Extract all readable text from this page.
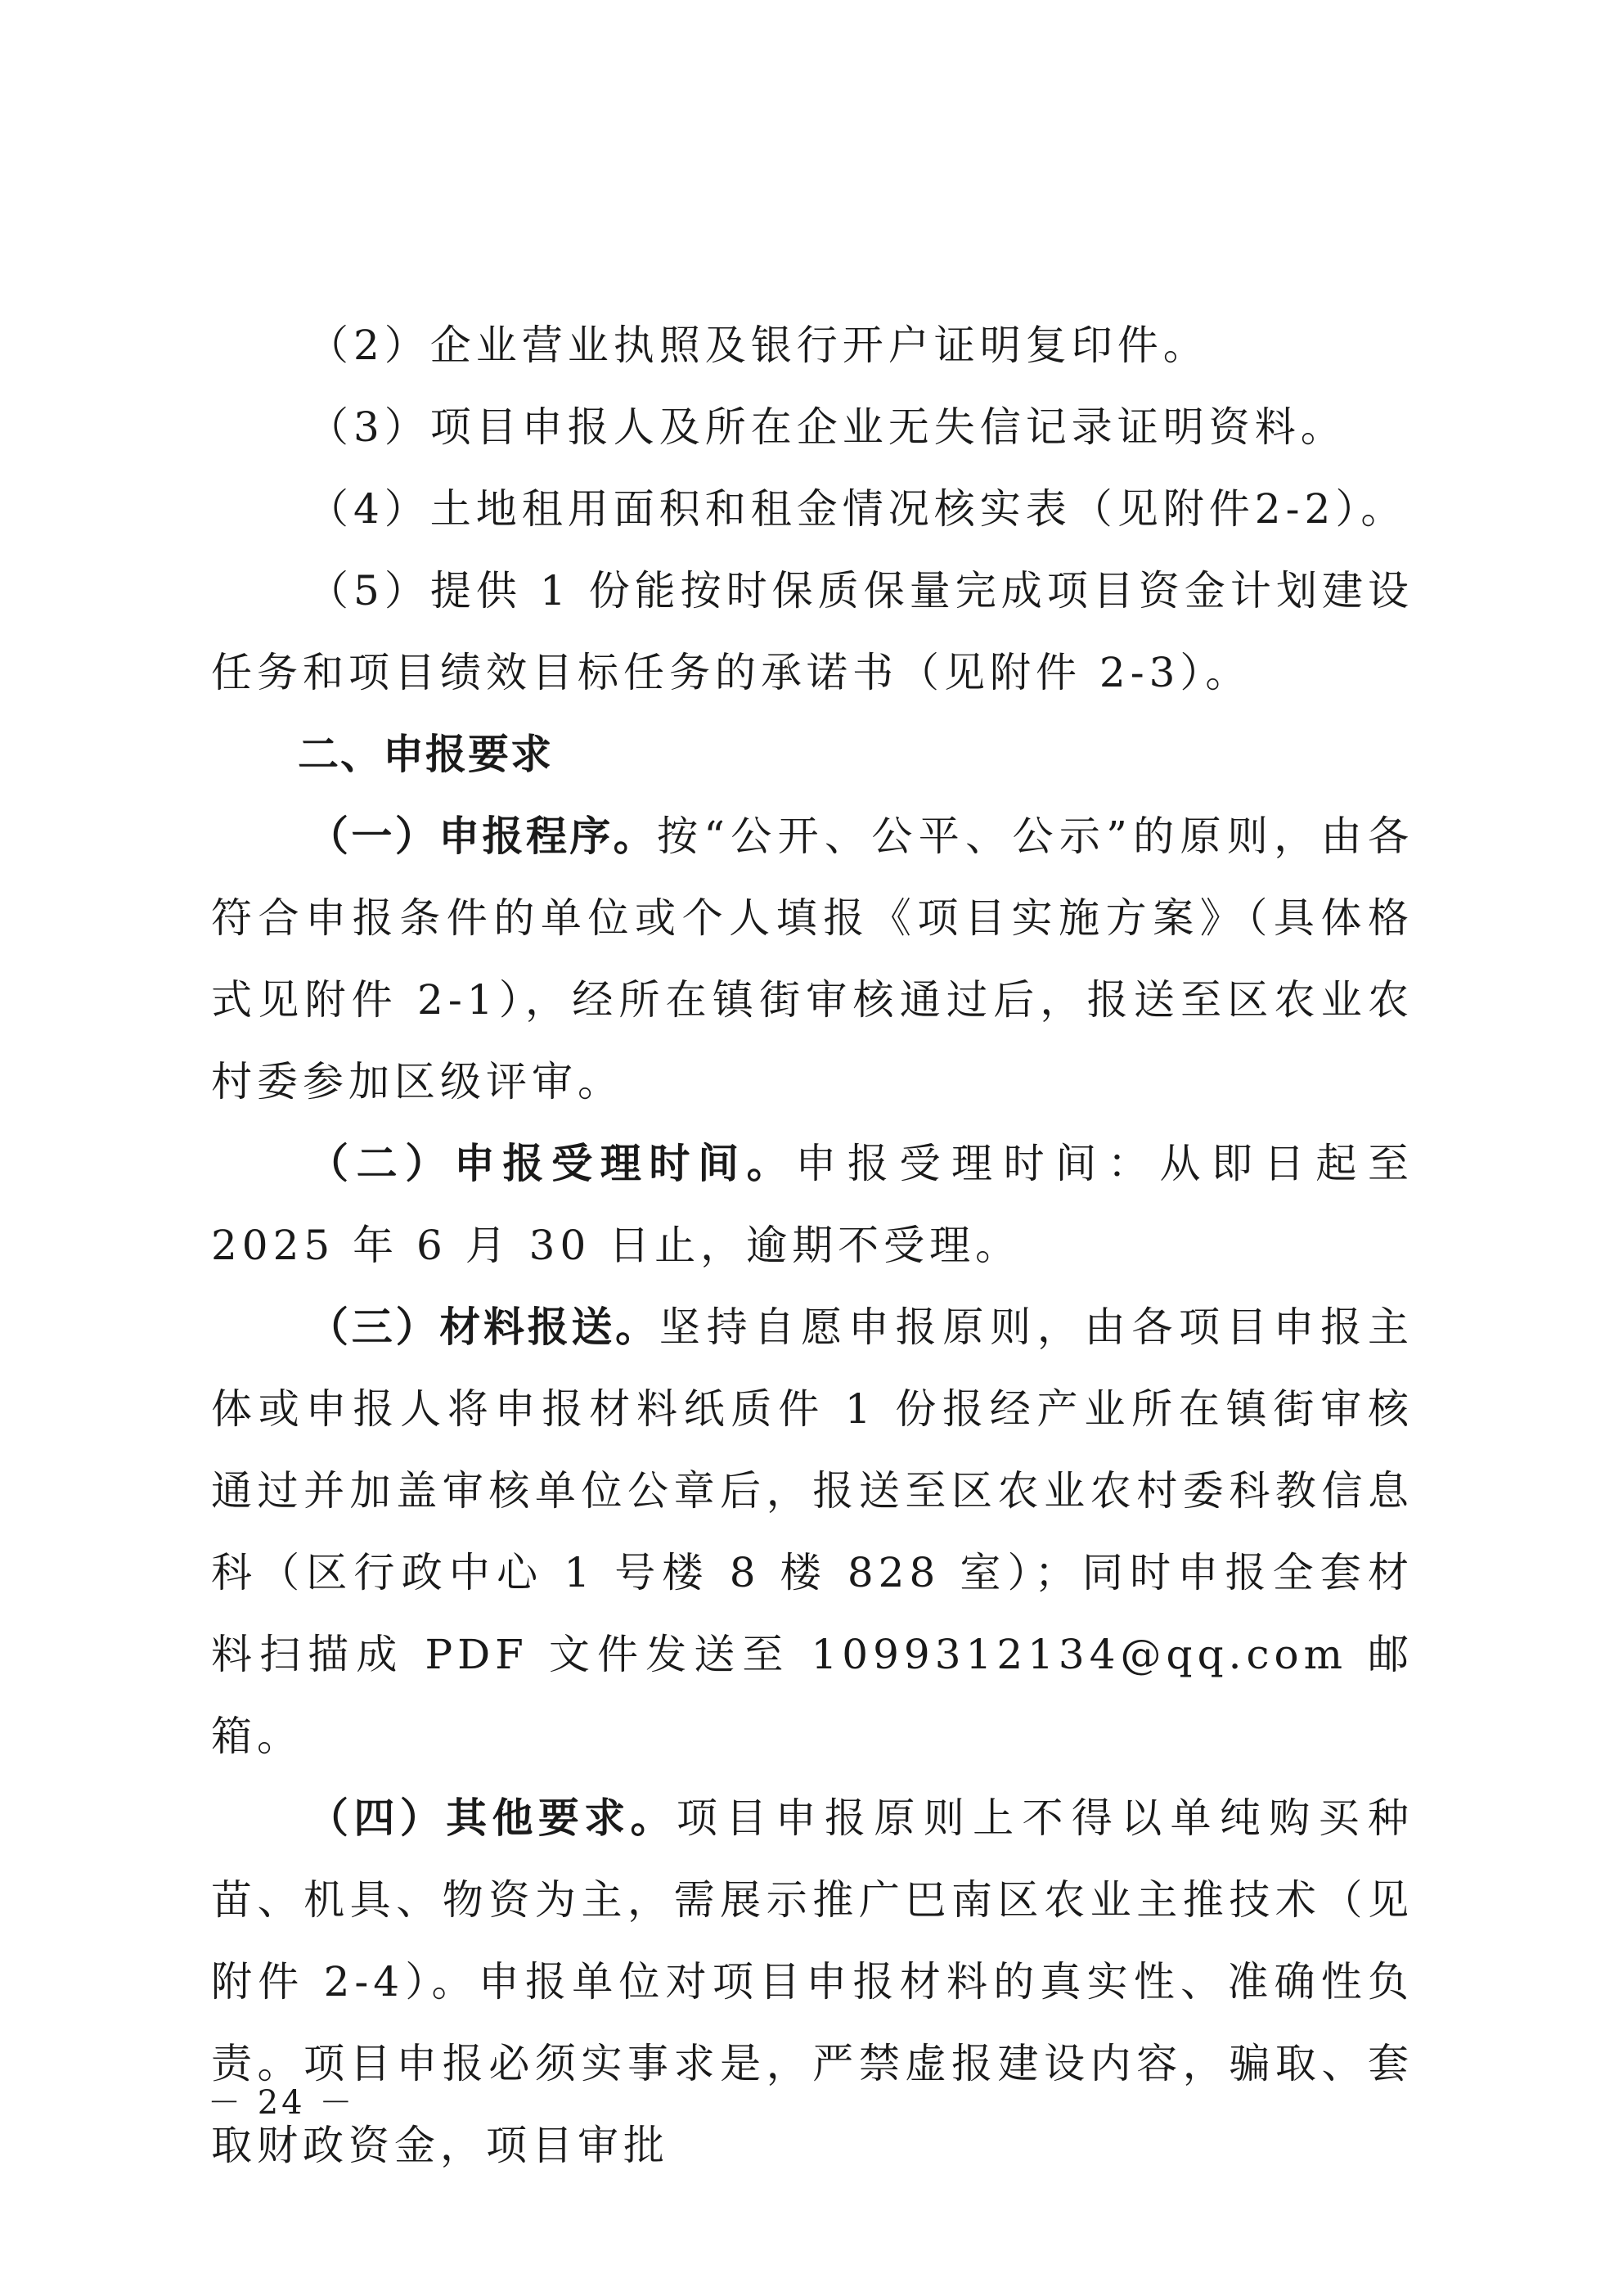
（2）企业营业执照及银行开户证明复印件。

（3）项目申报人及所在企业无失信记录证明资料。

（4）土地租用面积和租金情况核实表（见附件2-2）。

（5）提供 1 份能按时保质保量完成项目资金计划建设任务和项目绩效目标任务的承诺书（见附件 2-3）。

二、申报要求

（一）申报程序。按“公开、公平、公示”的原则，由各符合申报条件的单位或个人填报《项目实施方案》（具体格式见附件 2-1），经所在镇街审核通过后，报送至区农业农村委参加区级评审。

（二）申报受理时间。申报受理时间：从即日起至 2025 年 6 月 30 日止，逾期不受理。

（三）材料报送。坚持自愿申报原则，由各项目申报主体或申报人将申报材料纸质件 1 份报经产业所在镇街审核通过并加盖审核单位公章后，报送至区农业农村委科教信息科（区行政中心 1 号楼 8 楼 828 室）；同时申报全套材料扫描成 PDF 文件发送至 1099312134@qq.com 邮箱。

（四）其他要求。项目申报原则上不得以单纯购买种苗、机具、物资为主，需展示推广巴南区农业主推技术（见附件 2-4）。申报单位对项目申报材料的真实性、准确性负责。项目申报必须实事求是，严禁虚报建设内容，骗取、套取财政资金，项目审批

－ 24 －
